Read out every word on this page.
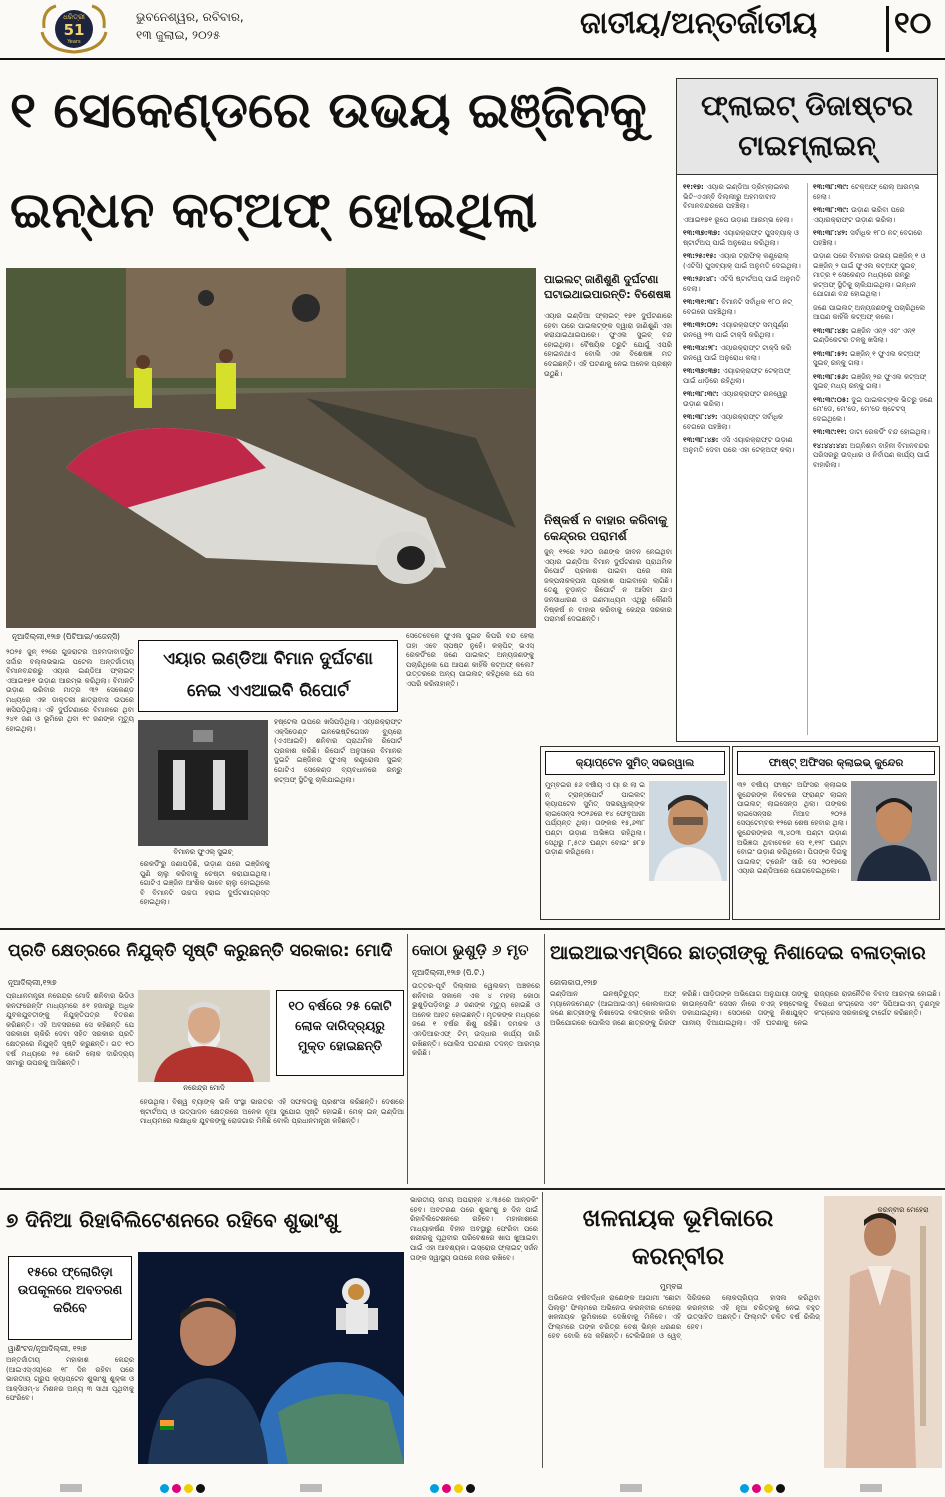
ଧରିତ୍ରୀ
51
Years
ଭୁବନେଶ୍ୱର, ରବିବାର,
୧୩ ଜୁଲାଇ, ୨୦୨୫	ଜାତୀୟ/ଅନ୍ତର୍ଜାତୀୟ	୧୦
୧ ସେକେଣ୍ଡରେ ଉଭୟ ଇଞ୍ଜିନକୁ
ଇନ୍ଧନ କଟ୍‌ଅଫ୍ ହୋଇଥିଲା
ଫ୍ଲାଇଟ୍ ଡିଜାଷ୍ଟର
ଟାଇମ୍‌ଲାଇନ୍
୧୧:୧୭: ଏୟାର ଇଣ୍ଡିଆ ଡ୍ରିମ୍‌ଲାଇନର ଭିଟି-ଏଏନ୍‌ବି ଦିଲ୍ଲୀରୁ ଅହମଦାବାଦ ବିମାନବନ୍ଦରରେ ପହଞ୍ଚିଲା।
ଏଆଇ୧୭୧ ରୂପେ ଉଡ଼ାଣ ଆରମ୍ଭ ହେଲା।
୧୩:୩୭:୩୭: ଏୟାରକ୍ରାଫ୍ଟ ପୁସବ୍ୟାକ୍ ଓ ଷ୍ଟାର୍ଟଅପ୍ ପାଇଁ ଅନୁରୋଧ କରିଥିଲା।
୧୩:୨୫:୧୫: ଏୟାର ଟ୍ରାଫିକ୍ କଣ୍ଟ୍ରୋଲ୍ (ଏଟିସି) ପୁସବ୍ୟାକ୍ ପାଇଁ ଅନୁମତି ଦେଇଥିଲା।
୧୩:୨୬:୪୮: ଏଟିସି ଷ୍ଟାର୍ଟଅପ୍ ପାଇଁ ଅନୁମତି ଦେଲା।
୧୩:୩୧:୩୮: ବିମାନଟି ସର୍ବାଧିକ ୧୮୦ ନଟ୍ ବେଗରେ ପହଞ୍ଚିଥିଲା।
୧୩:୩୨:୦୨: ଏୟାରକ୍ରାଫ୍ଟ ସମ୍ପୂର୍ଣ୍ଣ ରନୱେ ୨୩ ପାଇଁ ଟାକ୍ସି କରିଥିଲା।
୧୩:୩୪:୨୮: ଏୟାରକ୍ରାଫ୍ଟ ଟାକ୍ସି କରି ରନୱେ ପାଇଁ ଅନୁରୋଧ କଲା।
୧୩:୩୭:୩୭: ଏୟାରକ୍ରାଫ୍ଟ ଟେକ୍‌ଅଫ୍ ପାଇଁ ଧାଡ଼ିରେ ରହିଥିଲା।
୧୩:୩୮:୩୯: ଏୟାରକ୍ରାଫ୍ଟ ରନୱେରୁ ଉଡ଼ାଣ ଭରିଲା।
୧୩:୩୮:୪୨: ଏୟାରକ୍ରାଫ୍ଟ ସର୍ବାଧିକ ବେଗରେ ପହଞ୍ଚିଲା।
୧୩:୩୮:୪୭: ଏସି ଏୟାରକ୍ରାଫ୍ଟ ଉଡ଼ାଣ ଅନୁମତି ଦେବା ପରେ ଏହା ଟେକ୍‌ଅଫ୍ କଲା।
୧୩:୩୮:୩୯: ଟେକ୍‌ଅଫ୍ ରୋଲ୍ ଆରମ୍ଭ ହେଲା।
୧୩:୩୮:୩୯: ଉଡ଼ାଣ ଭରିବା ପରେ ଏୟାରକ୍ରାଫ୍ଟ ଉଡ଼ାଣ ଭରିଲା।
୧୩:୩୮:୪୨: ସର୍ବାଧିକ ୧୮୦ ନଟ୍ ବେଗରେ ପହଞ୍ଚିଲା।
ଉଡ଼ାଣ ପରେ ବିମାନର ଉଭୟ ଇଞ୍ଜିନ୍ ୧ ଓ ଇଞ୍ଜିନ୍ ୨ ପାଇଁ ଫୁଏଲ କଟ୍‌ଅଫ୍ ସୁଇଚ୍ ମାତ୍ର ୧ ସେକେଣ୍ଡ ମଧ୍ୟରେ ରନ୍‌ରୁ କଟ୍‌ଅଫ୍ ସ୍ଥିତିକୁ ଚାଲିଯାଇଥିଲା। ଇନ୍ଧନ ଯୋଗାଣ ବନ୍ଦ ହୋଇଥିଲା।
ଜଣେ ପାଇଲଟ୍ ଅନ୍ୟଜଣଙ୍କୁ ପଚାରିଥିଲେ ଆପଣ କାହିଁକି କଟ୍‌ଅଫ୍ କଲେ।
୧୩:୩୮:୪୭: ଇଞ୍ଜିନ ଏନ୍୨ ଏବଂ ଏନ୍୧ ଇଣ୍ଡିକେଟର ତଳକୁ ଖସିଲା।
୧୩:୩୮:୫୨: ଇଞ୍ଜିନ୍ ୧ ଫୁଏଲ କଟ୍‌ଅଫ୍ ସୁଇଚ୍ ରନ୍‌କୁ ଗଲା।
୧୩:୩୮:୫୬: ଇଞ୍ଜିନ୍ ୨ର ଫୁଏଲ କଟ୍‌ଅଫ୍ ସୁଇଚ୍ ମଧ୍ୟ ରନ୍‌କୁ ଗଲା।
୧୩:୩୯:୦୫: ଦୁଇ ପାଇଲଟ୍‌ଙ୍କ ଭିତରୁ ଜଣେ ମେ'ଡେ, ମେ'ଡେ, ମେ'ଡେ ଷ୍ଟେଟସ୍ ଦେଇଥିଲେ।
୧୩:୩୯:୧୧: ଡାଟା ରେକର୍ଡିଂ ବନ୍ଦ ହୋଇଥିଲା।
୧୪:୪୪:୪୪: ଅଗ୍ନିଶମ ବାହିନୀ ବିମାନବନ୍ଦର ପରିସରରୁ ଉଦ୍ଧାର ଓ ନିର୍ବାପଣ କାର୍ଯ୍ୟ ପାଇଁ ବାହାରିଲା।
ପାଇଲଟ୍ ଜାଣିଶୁଣି ଦୁର୍ଘଟଣା ଘଟାଇଥାଇପାରନ୍ତି: ବିଶେଷଜ୍ଞ
ଏୟାର ଇଣ୍ଡିଆ ଫ୍ଲାଇଟ୍ ୧୭୧ ଦୁର୍ଘଟଣାରେ ହେବା ପରେ ପାଇଲଟ୍‌ଙ୍କ ଦ୍ୱାରା ଜାଣିଶୁଣି ଏହା କରାଯାଇଥାଇପାରେ। ଫୁଏଲ ସୁଇଚ୍ ବନ୍ଦ ହୋଇଥିଲା। ବୈଷୟିକ ତ୍ରୁଟି ଯୋଗୁଁ ଏପରି ହୋଇନଥାଏ ବୋଲି ଏକ ବିଶେଷଜ୍ଞ ମତ ଦେଇଛନ୍ତି। ଏହି ଘଟଣାକୁ ନେଇ ଅନେକ ପ୍ରଶ୍ନ ଉଠୁଛି।
ନିଷ୍କର୍ଷ ନ ବାହାର କରିବାକୁ କେନ୍ଦ୍ରର ପରାମର୍ଶ
ଜୁନ୍ ୧୨ରେ ୨୬୦ ଜଣଙ୍କ ଜୀବନ ନେଇଥିବା ଏୟାର ଇଣ୍ଡିଆ ବିମାନ ଦୁର୍ଘଟଣାର ପ୍ରାଥମିକ ରିପୋର୍ଟ ପ୍ରକାଶ ପାଇବା ପରେ ନାନା ଜଳ୍ପନାକଳ୍ପନା ପ୍ରକାଶ ପାଇବାରେ ଲାଗିଛି। ତେଣୁ ଚୂଡ଼ାନ୍ତ ରିପୋର୍ଟ ନ ଆସିବା ଯାଏ ଜନସାଧାରଣ ଓ ଗଣମାଧ୍ୟମ ଏଥିରୁ କୌଣସି ନିଷ୍କର୍ଷ ନ ବାହାର କରିବାକୁ କେନ୍ଦ୍ର ସରକାର ପରାମର୍ଶ ଦେଇଛନ୍ତି।
ନୂଆଦିଲ୍ଲୀ,୧୨ା୭ (ପିଟିଆଇ/ଏଜେନ୍ସି)
ଏୟାର ଇଣ୍ଡିଆ ବିମାନ ଦୁର୍ଘଟଣା
ନେଇ ଏଏଆଇବି ରିପୋର୍ଟ
୨୦୨୫ ଜୁନ୍ ୧୨ରେ ଗୁଜରାଟର ଅହମଦାବାଦସ୍ଥିତ ସର୍ଦ୍ଦାର ବଲ୍ଲଭଭାଇ ପଟେଲ ଅନ୍ତର୍ଜାତୀୟ ବିମାନବନ୍ଦରରୁ ଏୟାର ଇଣ୍ଡିଆ ଫ୍ଲାଇଟ୍ ଏଆଇ୧୭୧ ଉଡ଼ାଣ ଆରମ୍ଭ କରିଥିଲା। ବିମାନଟି ଉଡ଼ାଣ ଭରିବାର ମାତ୍ର ୩୨ ସେକେଣ୍ଡ ମଧ୍ୟରେ ଏକ ଡାକ୍ତରୀ ଛାତ୍ରାବାସ ଉପରେ ଖସିପଡ଼ିଥିଲା। ଏହି ଦୁର୍ଘଟଣାରେ ବିମାନରେ ଥିବା ୨୪୧ ଜଣ ଓ ଭୂମିରେ ଥିବା ୧୯ ଜଣଙ୍କ ମୃତ୍ୟୁ ହୋଇଥିଲା।
ବିମାନର ଫୁଏଲ୍ ସୁଇଚ୍
ହଷ୍ଟେଲ ଉପରେ ଖସିପଡ଼ିଥିଲା। ଏୟାରକ୍ରାଫ୍ଟ ଏକ୍ସିଡେଣ୍ଟ ଇନଭେଷ୍ଟିଗେସନ ବ୍ୟୁରୋ (ଏଏଆଇବି) ଶନିବାର ପ୍ରାଥମିକ ରିପୋର୍ଟ ପ୍ରକାଶ କରିଛି। ରିପୋର୍ଟ ଅନୁସାରେ ବିମାନର ଦୁଇଟି ଇଞ୍ଜିନର ଫୁଏଲ୍ କଣ୍ଟ୍ରୋଲ ସୁଇଚ୍ ଗୋଟିଏ ସେକେଣ୍ଡ ବ୍ୟବଧାନରେ ରନ୍‌ରୁ କଟ୍‌ଅଫ୍ ସ୍ଥିତିକୁ ଚାଲିଯାଇଥିଲା।
ସେତେବେଳେ ଫୁଏଲ ସୁଇଚ କିପରି ବନ୍ଦ ହେଲା ତାହା ଏବେ ସ୍ପଷ୍ଟ ନୁହେଁ। କକ୍‌ପିଟ୍ ଭଏସ୍ ରେକର୍ଡିଂରେ ଜଣେ ପାଇଲଟ୍ ଅନ୍ୟଜଣଙ୍କୁ ପଚାରିଥିଲେ ଯେ ଆପଣ କାହିଁକି କଟ୍‌ଅଫ୍ କଲେ? ଉତ୍ତରରେ ଅନ୍ୟ ପାଇଲଟ୍ କହିଥିଲେ ଯେ ସେ ଏପରି କରିନାହାନ୍ତି।
ରେକର୍ଡିଂରୁ ଜଣାପଡ଼ିଛି, ଉଡ଼ାଣ ପରେ ଇଞ୍ଜିନକୁ ପୁଣି ଚାଲୁ କରିବାକୁ ଚେଷ୍ଟା କରାଯାଇଥିଲା। ଗୋଟିଏ ଇଞ୍ଜିନ ଆଂଶିକ ଭାବେ ଚାଲୁ ହୋଇଥିଲେ ବି ବିମାନଟି ଉଚ୍ଚତା ହରାଇ ଦୁର୍ଘଟଣାଗ୍ରସ୍ତ ହୋଇଥିଲା।
କ୍ୟାପ୍‌ଟେନ ସୁମିତ୍ ସଭରୱାଲ
ମୁମ୍ବଇର ୫୬ ବର୍ଷୀୟ ଏ ୟା ର ଲା ଇ ନ୍ ଟ୍ରାନ୍ସପୋର୍ଟ ପାଇଲଟ୍ କ୍ୟାପଟେନ ସୁମିତ୍ ସଭରୱାଲ୍‌ଙ୍କ ଲାଇସେନ୍ସ ୨୦୨୬ରେ ୧୪ ଫେବୃଆରୀ ପର୍ଯ୍ୟନ୍ତ ଥିଲା। ତାଙ୍କର ୧୫,୬୩୮ ଘଣ୍ଟା ଉଡ଼ାଣ ଅଭିଜ୍ଞତା ରହିଥିଲା। ସେଥିରୁ ୮,୫୯୬ ଘଣ୍ଟା ବୋଇଂ ୭୮୭ ଉଡ଼ାଣ କରିଥିଲେ।
ଫାଷ୍ଟ୍ ଅଫିସର କ୍ଲାଇଭ୍ କୁନ୍ଦେର
୩୨ ବର୍ଷୀୟ ଫାଷ୍ଟ ଅଫିସର କ୍ଲାଇଭ କୁନ୍ଦେରଙ୍କ ନିକଟରେ ଫ୍ରାଣ୍ଟ ଲାଇନ୍ ପାଇଲଟ୍ ଲାଇସେନ୍ସ ଥିଲା। ତାଙ୍କର ଲାଇସେନ୍ସର ମିଆଦ ୨୦୨୫ ସେପ୍ଟେମ୍ବର ୧୨ରେ ଶେଷ ହେବାର ଥିଲା। କୁନ୍ଦେରଙ୍କର ୩,୪୦୩ ଘଣ୍ଟା ଉଡ଼ାଣ ଅଭିଜ୍ଞତା ଥିବାବେଳେ ସେ ୧,୧୨୮ ଘଣ୍ଟା ବୋଇଂ ଉଡ଼ାଣ କରିଥିଲେ। ପିତାଙ୍କ ଦିଗକୁ ପାଇଲଟ୍ ଟ୍ରେନିଂ ସାରି ସେ ୨୦୧୭ରେ ଏୟାର ଇଣ୍ଡିଆରେ ଯୋଗଦେଇଥିଲେ।
ପ୍ରତି କ୍ଷେତ୍ରରେ ନିଯୁକ୍ତି ସୃଷ୍ଟି କରୁଛନ୍ତି ସରକାର: ମୋଦି
ନୂଆଦିଲ୍ଲୀ,୧୨ା୭
ନରେନ୍ଦ୍ର ମୋଦି
୧୦ ବର୍ଷରେ ୨୫ କୋଟି ଲୋକ ଦାରିଦ୍ର୍ୟରୁ ମୁକ୍ତ ହୋଇଛନ୍ତି
ପ୍ରଧାନମନ୍ତ୍ରୀ ନରେନ୍ଦ୍ର ମୋଦି ଶନିବାର ଭିଡିଓ କନଫରେନ୍ସିଂ ମାଧ୍ୟମରେ ୫୧ ହଜାରରୁ ଅଧିକ ଯୁବକଯୁବତୀଙ୍କୁ ନିଯୁକ୍ତିପତ୍ର ବିତରଣ କରିଛନ୍ତି। ଏହି ଅବସରରେ ସେ କହିଛନ୍ତି ଯେ ସରକାରୀ ଚାକିରି ଦେବା ସହିତ ସରକାର ପ୍ରତି କ୍ଷେତ୍ରରେ ନିଯୁକ୍ତି ସୃଷ୍ଟି କରୁଛନ୍ତି। ଗତ ୧୦ ବର୍ଷ ମଧ୍ୟରେ ୨୫ କୋଟି ଲୋକ ଦାରିଦ୍ର୍ୟ ସୀମାରୁ ଉପରକୁ ଆସିଛନ୍ତି।
ହେଉଥିଲା। ବିଶ୍ୱ ବ୍ୟାଙ୍କ୍ ଭଳି ସଂସ୍ଥା ଭାରତର ଏହି ସଫଳତାକୁ ପ୍ରଶଂସା କରିଛନ୍ତି। ଦେଶରେ ଷ୍ଟାର୍ଟଅପ୍ ଓ ଉତ୍ପାଦନ କ୍ଷେତ୍ରରେ ଅନେକ ନୂଆ ସୁଯୋଗ ସୃଷ୍ଟି ହୋଇଛି। ମେକ୍ ଇନ୍ ଇଣ୍ଡିଆ ମାଧ୍ୟମରେ ଲକ୍ଷାଧିକ ଯୁବକଙ୍କୁ ରୋଜଗାର ମିଳିଛି ବୋଲି ପ୍ରଧାନମନ୍ତ୍ରୀ କହିଛନ୍ତି।
କୋଠା ଭୁଶୁଡ଼ି ୬ ମୃତ
ନୂଆଦିଲ୍ଲୀ,୧୨ା୭ (ପି.ଟି.)
ଉତ୍ତର-ପୂର୍ବ ଦିଲ୍ଲୀର ୱେଲକମ୍ ଅଞ୍ଚଳରେ ଶନିବାର ସକାଳେ ଏକ ୪ ମହଲା କୋଠା ଭୁଶୁଡ଼ିପଡ଼ିବାରୁ ୬ ଜଣଙ୍କ ମୃତ୍ୟୁ ହୋଇଛି ଓ ଅନେକ ଆହତ ହୋଇଛନ୍ତି। ମୃତକଙ୍କ ମଧ୍ୟରେ ଜଣେ ୧ ବର୍ଷର ଶିଶୁ ରହିଛି। ଦମକଳ ଓ ଏନଡିଆରଏଫ୍ ଟିମ୍ ଉଦ୍ଧାର କାର୍ଯ୍ୟ ଜାରି ରଖିଛନ୍ତି। ପୋଲିସ ଘଟଣାର ତଦନ୍ତ ଆରମ୍ଭ କରିଛି।
ଆଇଆଇଏମ୍‌ସିରେ ଛାତ୍ରୀଙ୍କୁ ନିଶାଦେଇ ବଳାତ୍କାର
କୋଲକାତା,୧୨ା୭
ଇଣ୍ଡିଆନ ଇନଷ୍ଟିଚ୍ୟୁଟ୍ ଅଫ୍ ମ୍ୟାନେଜମେଣ୍ଟ (ଆଇଆଇଏମ୍) କୋଲକାତାର ଜଣେ ଛାତ୍ରୀଙ୍କୁ ନିଶାଦେଇ ବଳାତ୍କାର କରିବା ଅଭିଯୋଗରେ ପୋଲିସ ଜଣେ ଛାତ୍ରଙ୍କୁ ଗିରଫ କରିଛି। ପୀଡ଼ିତାଙ୍କ ଅଭିଯୋଗ ଅନୁଯାୟୀ ତାଙ୍କୁ କାଉନ୍‌ସେଲିଂ ସେସନ ନାଁରେ ବଏଜ୍ ହଷ୍ଟେଲକୁ ଡକାଯାଇଥିଲା। ସେଠାରେ ତାଙ୍କୁ ନିଶାଯୁକ୍ତ ପାନୀୟ ଦିଆଯାଇଥିଲା। ଏହି ଘଟଣାକୁ ନେଇ ରାଜ୍ୟରେ ରାଜନୈତିକ ବିବାଦ ଆରମ୍ଭ ହୋଇଛି। ବିରୋଧୀ କଂଗ୍ରେସ ଏବଂ ସିପିଆଇଏମ୍ ତୃଣମୂଳ କଂଗ୍ରେସ ସରକାରକୁ ଟାର୍ଗେଟ କରିଛନ୍ତି।
୭ ଦିନିଆ ରିହାବିଲିଟେଶନରେ ରହିବେ ଶୁଭାଂଶୁ
୧୫ରେ ଫ୍ଲୋରିଡ଼ା ଉପକୂଳରେ ଅବତରଣ କରିବେ
ୱାଶିଂଟନ/ନୂଆଦିଲ୍ଲୀ, ୧୨ା୭
ଅନ୍ତର୍ଜାତୀୟ ମହାକାଶ କେନ୍ଦ୍ର (ଆଇଏସ୍‌ଏସ୍)ରେ ୧୮ ଦିନ ରହିବା ପରେ ଭାରତୀୟ ଗ୍ରୁପ କ୍ୟାପ୍ଟେନ ଶୁଭାଂଶୁ ଶୁକ୍ଳା ଓ ଆକ୍ସିଓମ୍-୪ ମିଶନର ଅନ୍ୟ ୩ ସାଥୀ ପୃଥିବୀକୁ ଫେରିବେ।
ଭାରତୀୟ ସମୟ ଅପରାହ୍ନ ୪.୩୫ରେ ଆନ୍‌ଡକିଂ ହେବ। ଅବତରଣ ପରେ ଶୁଭାଂଶୁ ୭ ଦିନ ପାଇଁ ରିହାବିଲିଟେଶନରେ ରହିବେ। ମହାକାଶରେ ମାଧ୍ୟାକର୍ଷଣ ବିହୀନ ଅବସ୍ଥାରୁ ଫେରିବା ପରେ ଶରୀରକୁ ପୃଥିବୀର ପରିବେଶରେ ଖାପ ଖୁଆଇବା ପାଇଁ ଏହା ଆବଶ୍ୟକ। ଇସ୍ରୋର ଫ୍ଲାଇଟ୍ ସର୍ଜନ ତାଙ୍କ ସ୍ୱାସ୍ଥ୍ୟ ଉପରେ ନଜର ରଖିବେ।
ଖଳନାୟକ ଭୂମିକାରେ
କରନ୍‌ବୀର
ମୁମ୍ବଇ
ଅଭିନେତା ହର୍ଷବର୍ଦ୍ଧନ ରାଣେଙ୍କ ଆଗାମୀ 'ଛୋଟା ପିଲ୍ଲୁ' ଫିଲ୍ମରେ ଅଭିନେତା କରନ୍‌ବୀର ମେହେରା ଖଳନାୟକ ଭୂମିକାରେ ଦେଖିବାକୁ ମିଳିବେ। ଏହି ଫିଲ୍ମରେ ତାଙ୍କ ଚରିତ୍ର ବେଶ୍ ଭିନ୍ନ ଧରଣର ହେବ ବୋଲି ସେ କହିଛନ୍ତି। ଟେଲିଭିଜନ ଓ ୱେବ୍ ସିରିଜରେ ଲୋକପ୍ରିୟତା ହାସଲ କରିଥିବା କରନ୍‌ବୀର ଏହି ନୂଆ ଚରିତ୍ରକୁ ନେଇ ବହୁତ ଉତ୍ସାହିତ ଅଛନ୍ତି। ଫିଲ୍ମଟି ଚଳିତ ବର୍ଷ ରିଲିଜ୍ ହେବ।
କରନ୍‌ବୀର ମେହେରା
